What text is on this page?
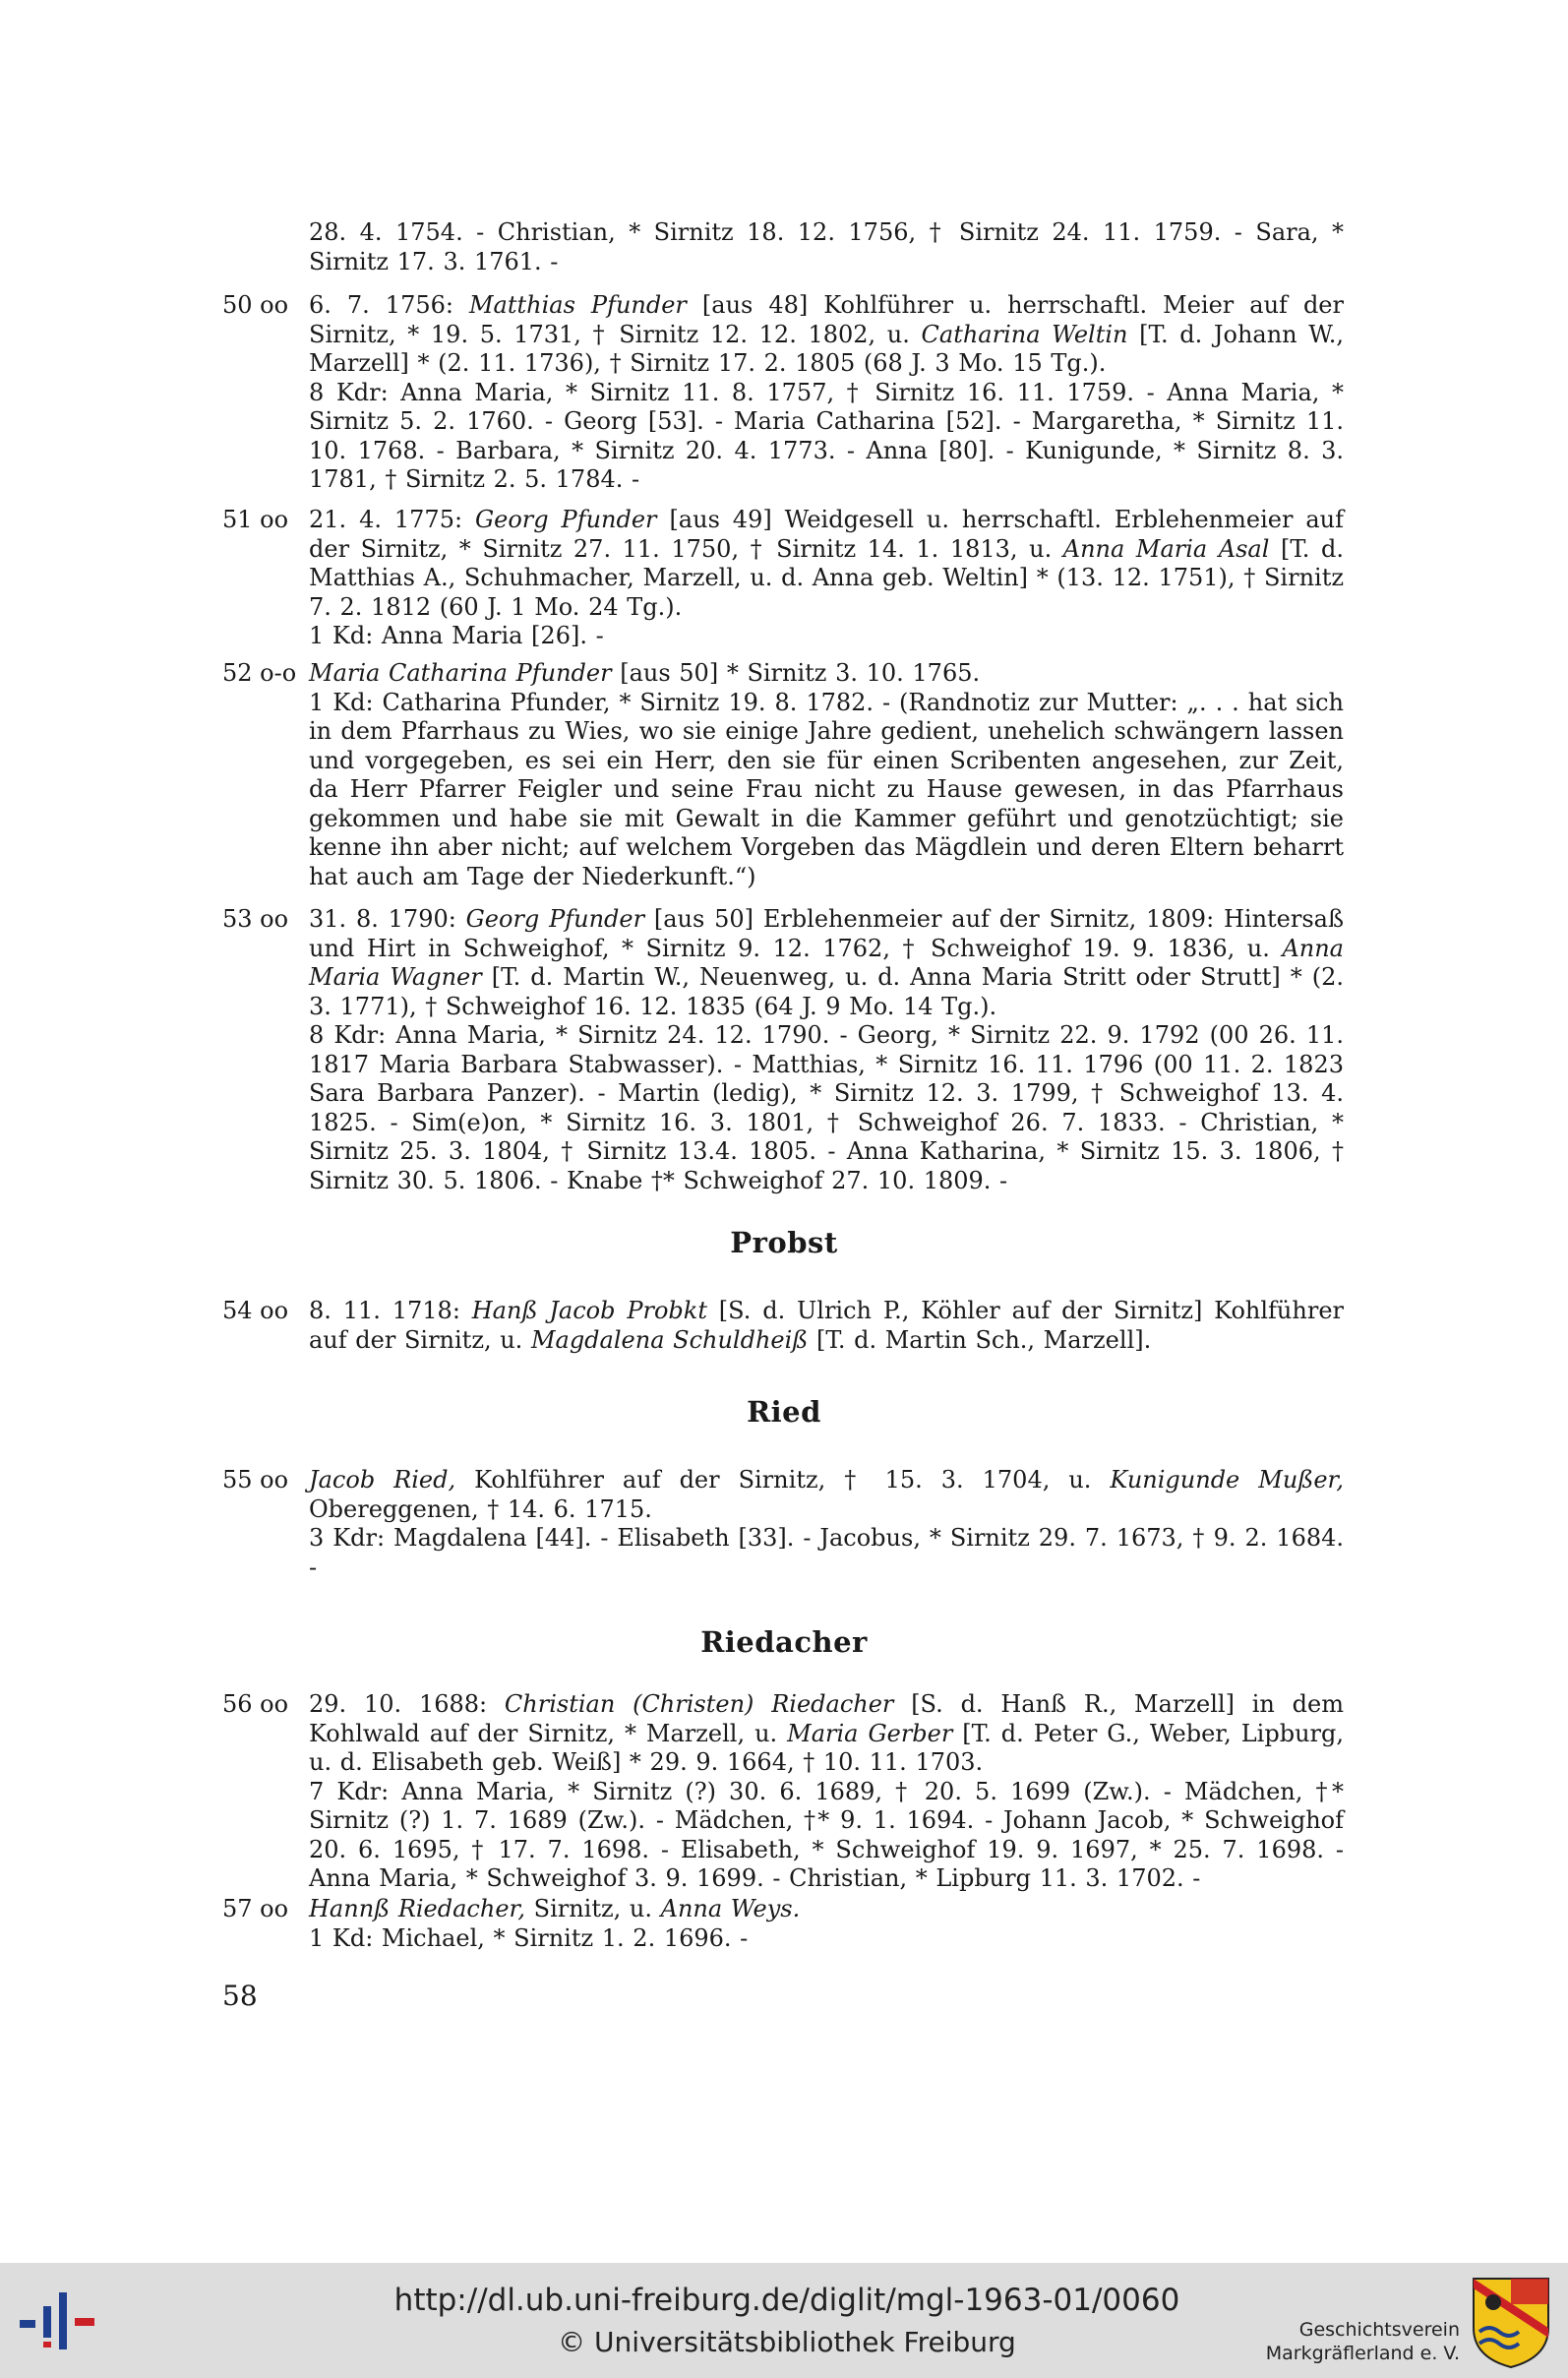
28. 4. 1754. - Christian, * Sirnitz 18. 12. 1756, † Sirnitz 24. 11. 1759. - Sara, * Sirnitz 17. 3. 1761. -

50 oo 6. 7. 1756: Matthias Pfunder [aus 48] Kohlführer u. herrschaftl. Meier auf der Sirnitz, * 19. 5. 1731, † Sirnitz 12. 12. 1802, u. Catharina Weltin [T. d. Johann W., Marzell] * (2. 11. 1736), † Sirnitz 17. 2. 1805 (68 J. 3 Mo. 15 Tg.).

8 Kdr: Anna Maria, * Sirnitz 11. 8. 1757, † Sirnitz 16. 11. 1759. - Anna Maria, * Sirnitz 5. 2. 1760. - Georg [53]. - Maria Catharina [52]. - Margaretha, * Sirnitz 11. 10. 1768. - Barbara, * Sirnitz 20. 4. 1773. - Anna [80]. - Kunigunde, * Sirnitz 8. 3. 1781, † Sirnitz 2. 5. 1784. -

51 oo 21. 4. 1775: Georg Pfunder [aus 49] Weidgesell u. herrschaftl. Erblehenmeier auf der Sirnitz, * Sirnitz 27. 11. 1750, † Sirnitz 14. 1. 1813, u. Anna Maria Asal [T. d. Matthias A., Schuhmacher, Marzell, u. d. Anna geb. Weltin] * (13. 12. 1751), † Sirnitz 7. 2. 1812 (60 J. 1 Mo. 24 Tg.).

1 Kd: Anna Maria [26]. -

52 o-o Maria Catharina Pfunder [aus 50] * Sirnitz 3. 10. 1765.

1 Kd: Catharina Pfunder, * Sirnitz 19. 8. 1782. - (Randnotiz zur Mutter: „. . . hat sich in dem Pfarrhaus zu Wies, wo sie einige Jahre gedient, unehelich schwängern lassen und vorgegeben, es sei ein Herr, den sie für einen Scribenten angesehen, zur Zeit, da Herr Pfarrer Feigler und seine Frau nicht zu Hause gewesen, in das Pfarrhaus gekommen und habe sie mit Gewalt in die Kammer geführt und genotzüchtigt; sie kenne ihn aber nicht; auf welchem Vorgeben das Mägdlein und deren Eltern beharrt hat auch am Tage der Niederkunft.“)

53 oo 31. 8. 1790: Georg Pfunder [aus 50] Erblehenmeier auf der Sirnitz, 1809: Hintersaß und Hirt in Schweighof, * Sirnitz 9. 12. 1762, † Schweighof 19. 9. 1836, u. Anna Maria Wagner [T. d. Martin W., Neuenweg, u. d. Anna Maria Stritt oder Strutt] * (2. 3. 1771), † Schweighof 16. 12. 1835 (64 J. 9 Mo. 14 Tg.).

8 Kdr: Anna Maria, * Sirnitz 24. 12. 1790. - Georg, * Sirnitz 22. 9. 1792 (00 26. 11. 1817 Maria Barbara Stabwasser). - Matthias, * Sirnitz 16. 11. 1796 (00 11. 2. 1823 Sara Barbara Panzer). - Martin (ledig), * Sirnitz 12. 3. 1799, † Schweighof 13. 4. 1825. - Sim(e)on, * Sirnitz 16. 3. 1801, † Schweighof 26. 7. 1833. - Christian, * Sirnitz 25. 3. 1804, † Sirnitz 13.4. 1805. - Anna Katharina, * Sirnitz 15. 3. 1806, † Sirnitz 30. 5. 1806. - Knabe †* Schweighof 27. 10. 1809. -

Probst
54 oo 8. 11. 1718: Hanß Jacob Probkt [S. d. Ulrich P., Köhler auf der Sirnitz] Kohlführer auf der Sirnitz, u. Magdalena Schuldheiß [T. d. Martin Sch., Marzell].

Ried
55 oo Jacob Ried, Kohlführer auf der Sirnitz, † 15. 3. 1704, u. Kunigunde Mußer, Obereggenen, † 14. 6. 1715.

3 Kdr: Magdalena [44]. - Elisabeth [33]. - Jacobus, * Sirnitz 29. 7. 1673, † 9. 2. 1684. -

Riedacher
56 oo 29. 10. 1688: Christian (Christen) Riedacher [S. d. Hanß R., Marzell] in dem Kohlwald auf der Sirnitz, * Marzell, u. Maria Gerber [T. d. Peter G., Weber, Lipburg, u. d. Elisabeth geb. Weiß] * 29. 9. 1664, † 10. 11. 1703.

7 Kdr: Anna Maria, * Sirnitz (?) 30. 6. 1689, † 20. 5. 1699 (Zw.). - Mädchen, †* Sirnitz (?) 1. 7. 1689 (Zw.). - Mädchen, †* 9. 1. 1694. - Johann Jacob, * Schweighof 20. 6. 1695, † 17. 7. 1698. - Elisabeth, * Schweighof 19. 9. 1697, * 25. 7. 1698. - Anna Maria, * Schweighof 3. 9. 1699. - Christian, * Lipburg 11. 3. 1702. -

57 oo Hannß Riedacher, Sirnitz, u. Anna Weys.

1 Kd: Michael, * Sirnitz 1. 2. 1696. -

58
http://dl.ub.uni-freiburg.de/diglit/mgl-1963-01/0060
© Universitätsbibliothek Freiburg	Geschichtsverein
Markgräflerland e. V.
